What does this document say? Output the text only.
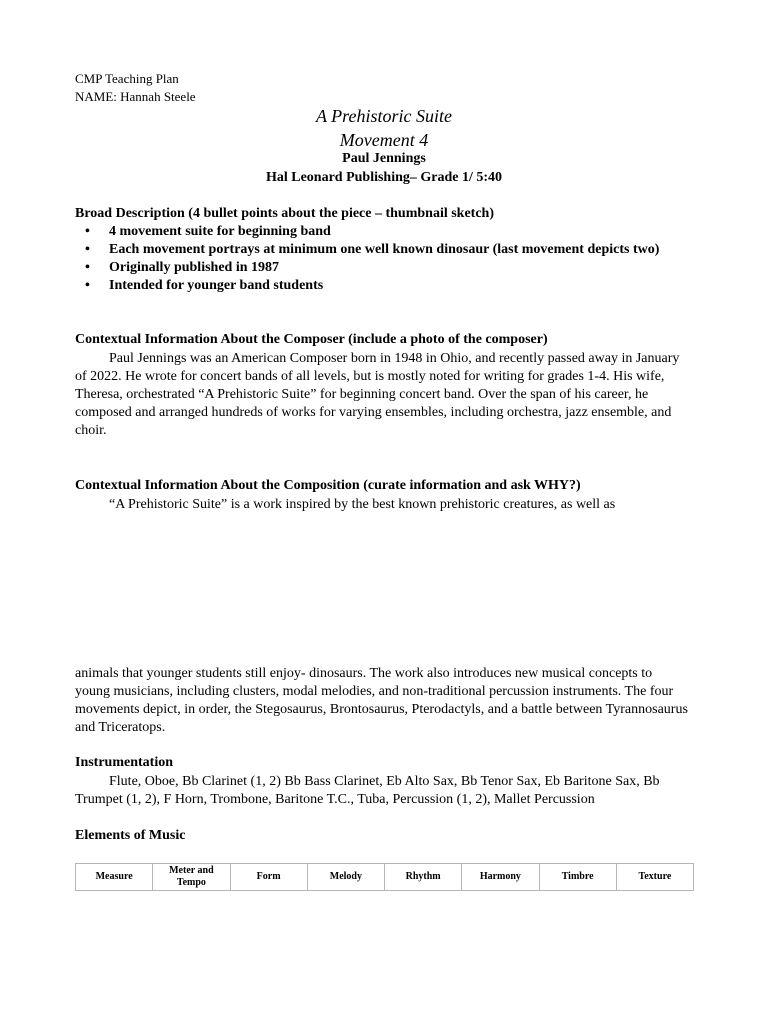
CMP Teaching Plan
NAME: Hannah Steele
A Prehistoric Suite
Movement 4
Paul Jennings
Hal Leonard Publishing– Grade 1/ 5:40
Broad Description (4 bullet points about the piece – thumbnail sketch)
• 4 movement suite for beginning band
• Each movement portrays at minimum one well known dinosaur (last movement depicts two)
• Originally published in 1987
• Intended for younger band students
Contextual Information About the Composer (include a photo of the composer)

Paul Jennings was an American Composer born in 1948 in Ohio, and recently passed away in January of 2022. He wrote for concert bands of all levels, but is mostly noted for writing for grades 1-4. His wife, Theresa, orchestrated “A Prehistoric Suite” for beginning concert band. Over the span of his career, he composed and arranged hundreds of works for varying ensembles, including orchestra, jazz ensemble, and choir.

Contextual Information About the Composition (curate information and ask WHY?)

“A Prehistoric Suite” is a work inspired by the best known prehistoric creatures, as well as

animals that younger students still enjoy- dinosaurs. The work also introduces new musical concepts to young musicians, including clusters, modal melodies, and non-traditional percussion instruments. The four movements depict, in order, the Stegosaurus, Brontosaurus, Pterodactyls, and a battle between Tyrannosaurus and Triceratops.

Instrumentation

Flute, Oboe, Bb Clarinet (1, 2) Bb Bass Clarinet, Eb Alto Sax, Bb Tenor Sax, Eb Baritone Sax, Bb Trumpet (1, 2), F Horn, Trombone, Baritone T.C., Tuba, Percussion (1, 2), Mallet Percussion

Elements of Music
Measure	Meter and Tempo	Form	Melody	Rhythm	Harmony	Timbre	Texture
